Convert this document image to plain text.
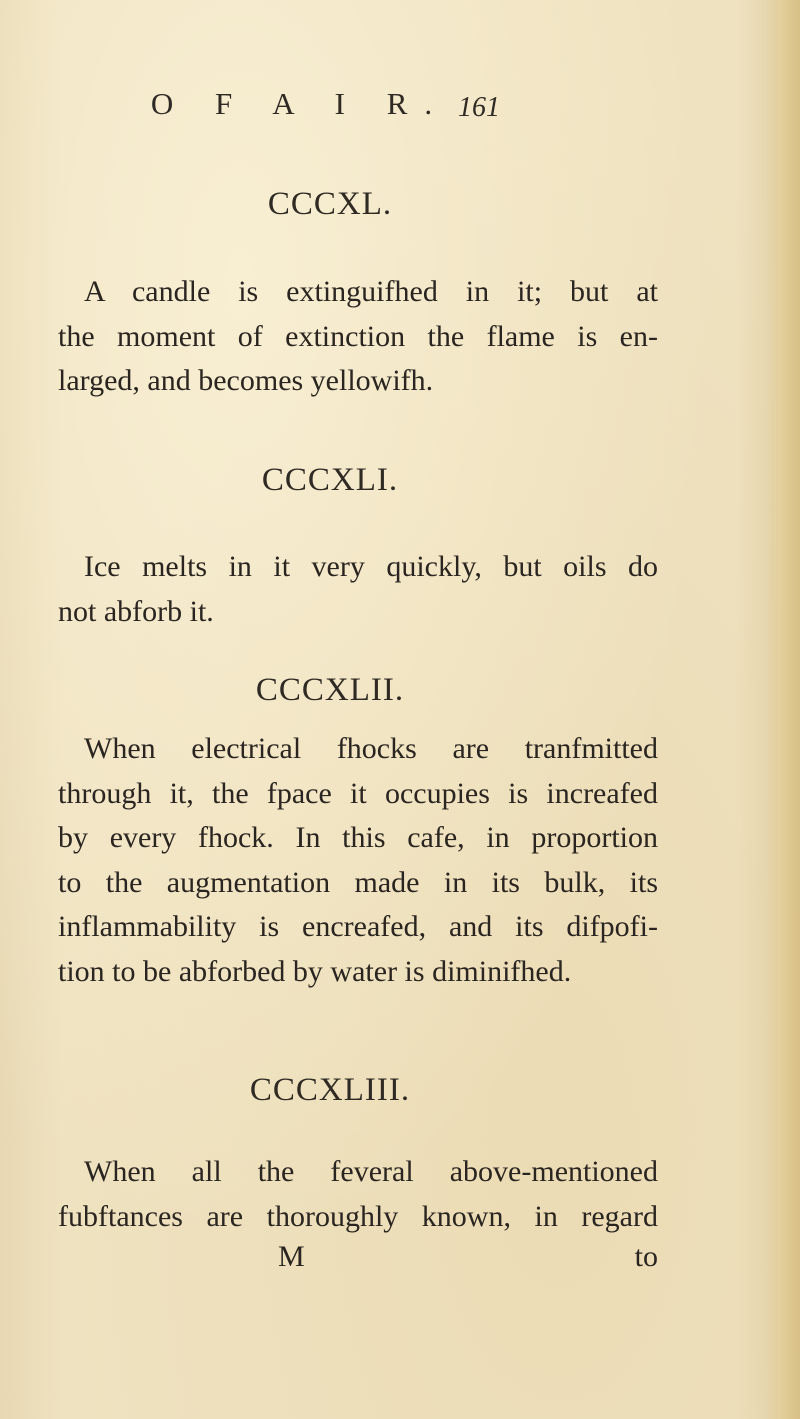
O F A I R. 161
CCCXL.
A candle is extinguifhed in it; but at
the moment of extinction the flame is en-
larged, and becomes yellowifh.
CCCXLI.
Ice melts in it very quickly, but oils do
not abforb it.
CCCXLII.
When electrical fhocks are tranfmitted
through it, the fpace it occupies is increafed
by every fhock. In this cafe, in proportion
to the augmentation made in its bulk, its
inflammability is encreafed, and its difpofi-
tion to be abforbed by water is diminifhed.
CCCXLIII.
When all the feveral above-mentioned
fubftances are thoroughly known, in regard
M	to
